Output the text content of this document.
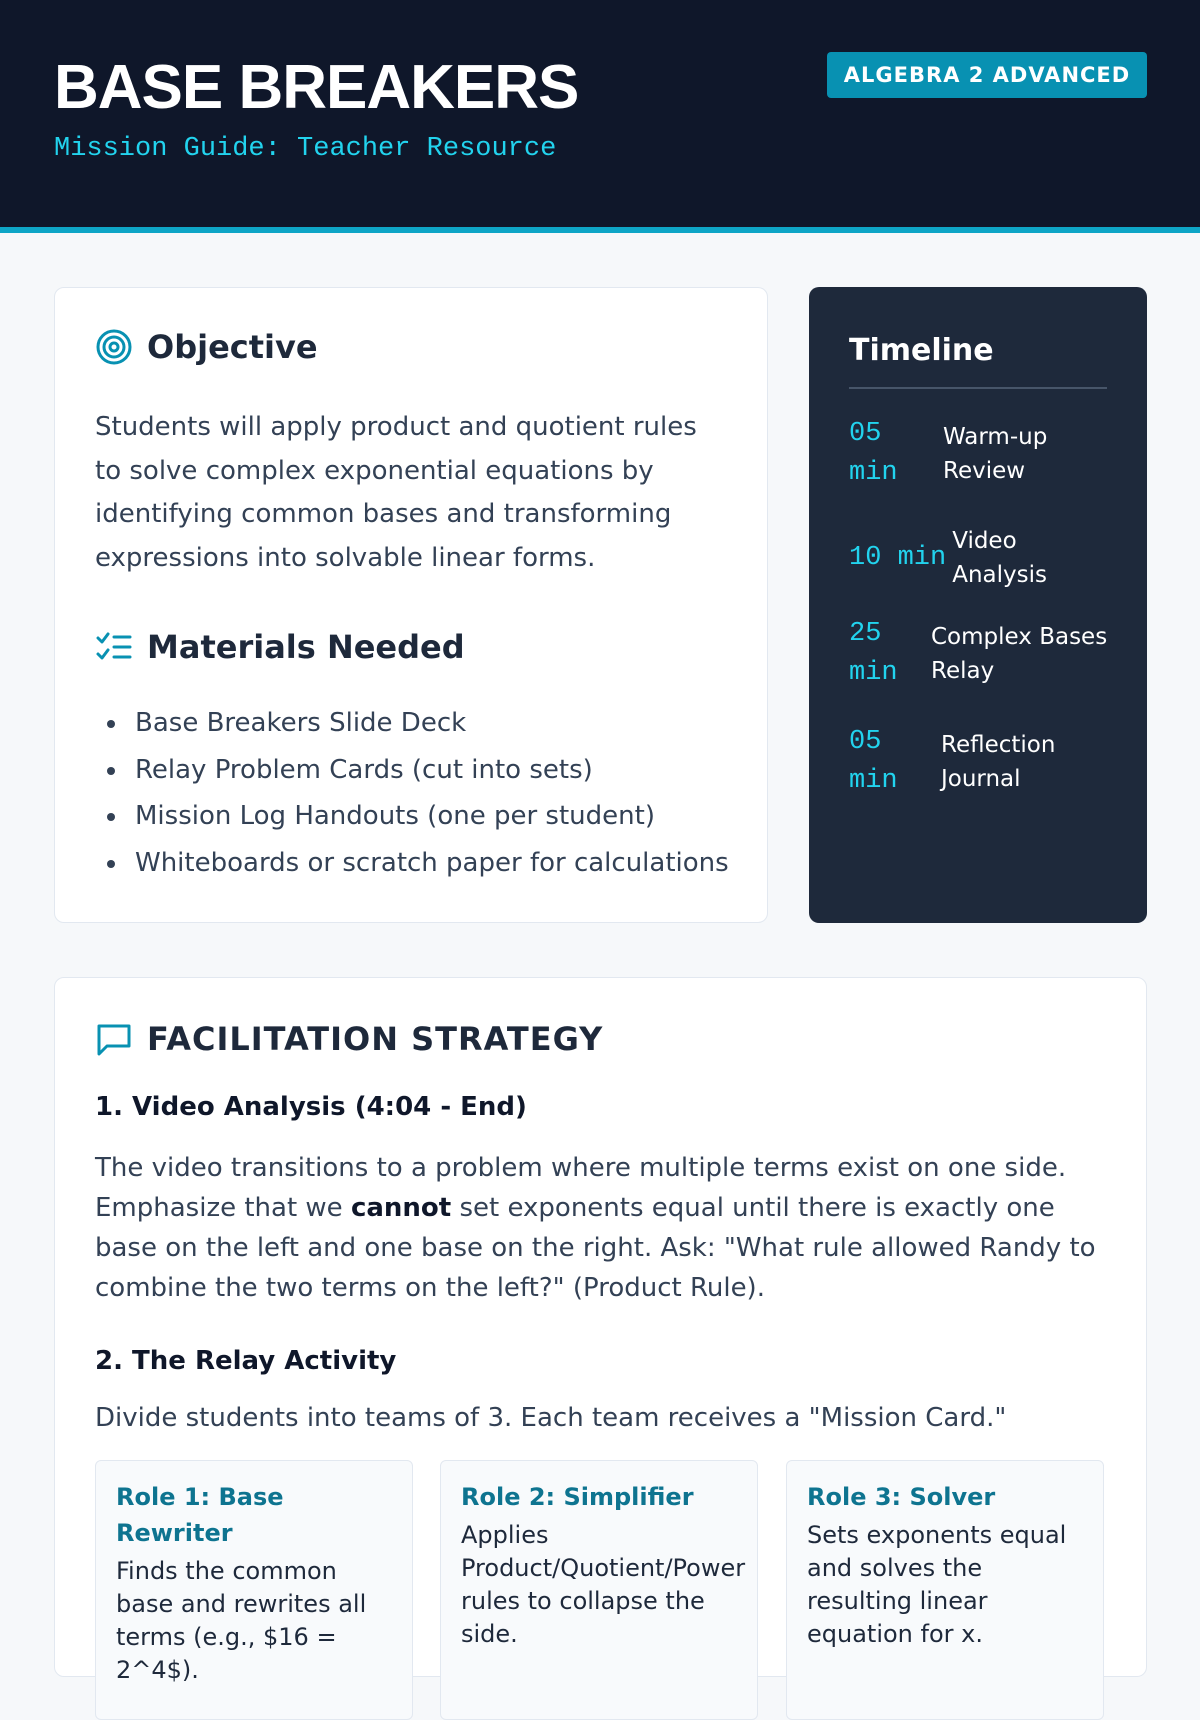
BASE BREAKERS
Mission Guide: Teacher Resource
ALGEBRA 2 ADVANCED
Objective

Students will apply product and quotient rules to solve complex exponential equations by identifying common bases and transforming expressions into solvable linear forms.

Materials Needed
Base Breakers Slide Deck
Relay Problem Cards (cut into sets)
Mission Log Handouts (one per student)
Whiteboards or scratch paper for calculations
Timeline
05 min
Warm-up Review
10 min
Video Analysis
25 min
Complex Bases Relay
05 min
Reflection Journal
FACILITATION STRATEGY
1. Video Analysis (4:04 - End)

The video transitions to a problem where multiple terms exist on one side. Emphasize that we cannot set exponents equal until there is exactly one base on the left and one base on the right. Ask: "What rule allowed Randy to combine the two terms on the left?" (Product Rule).

2. The Relay Activity

Divide students into teams of 3. Each team receives a "Mission Card."

Role 1: Base Rewriter

Finds the common base and rewrites all terms (e.g., $16 = 2^4$).

Role 2: Simplifier

Applies Product/Quotient/Power rules to collapse the side.

Role 3: Solver

Sets exponents equal and solves the resulting linear equation for x.
